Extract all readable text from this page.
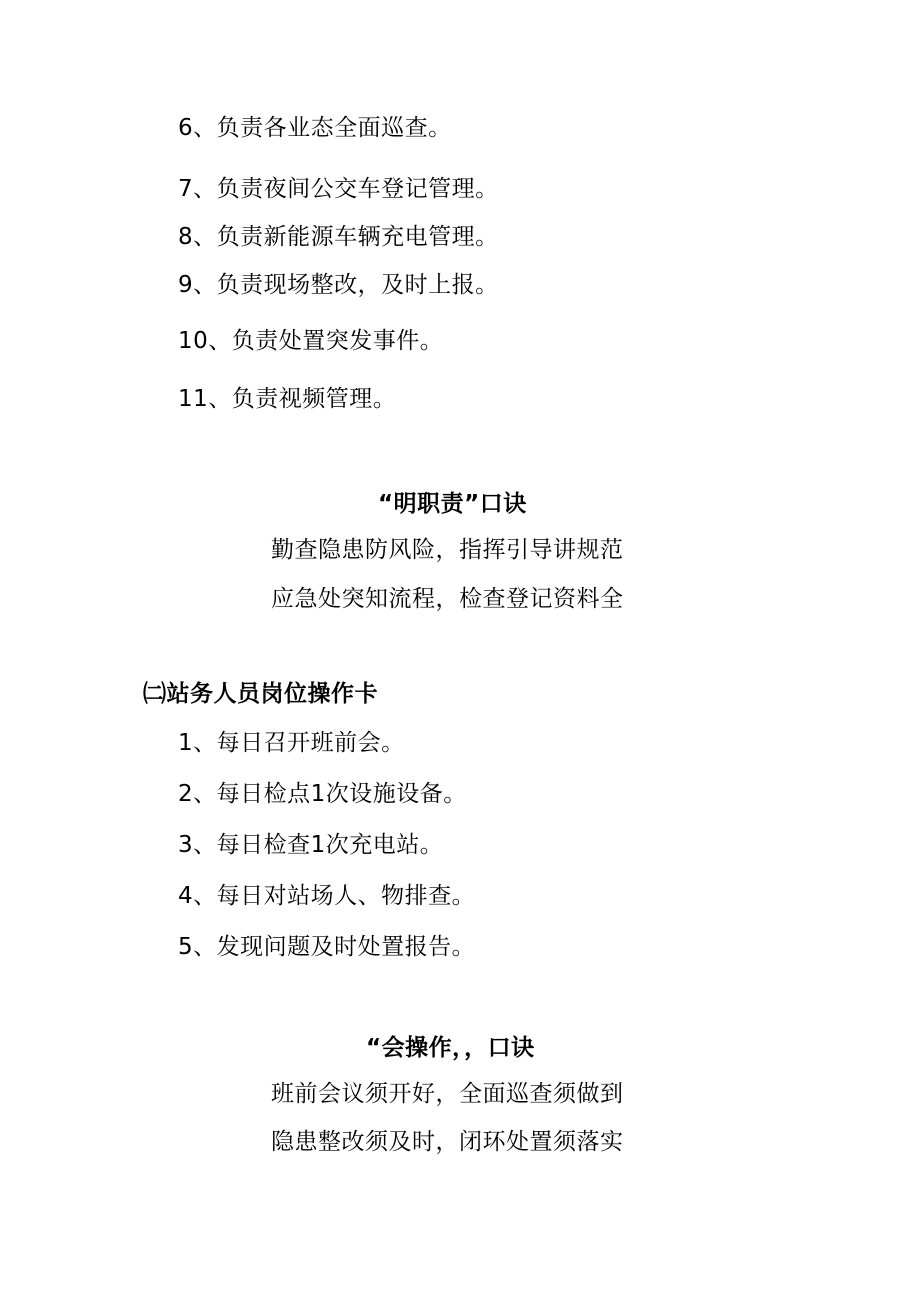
6、负责各业态全面巡查。
7、负责夜间公交车登记管理。
8、负责新能源车辆充电管理。
9、负责现场整改，及时上报。
10、负责处置突发事件。
11、负责视频管理。
“明职责”口诀
勤查隐患防风险，指挥引导讲规范
应急处突知流程，检查登记资料全
㈡站务人员岗位操作卡
1、每日召开班前会。
2、每日检点1次设施设备。
3、每日检查1次充电站。
4、每日对站场人、物排查。
5、发现问题及时处置报告。
“会操作，，口诀
班前会议须开好，全面巡查须做到
隐患整改须及时，闭环处置须落实
